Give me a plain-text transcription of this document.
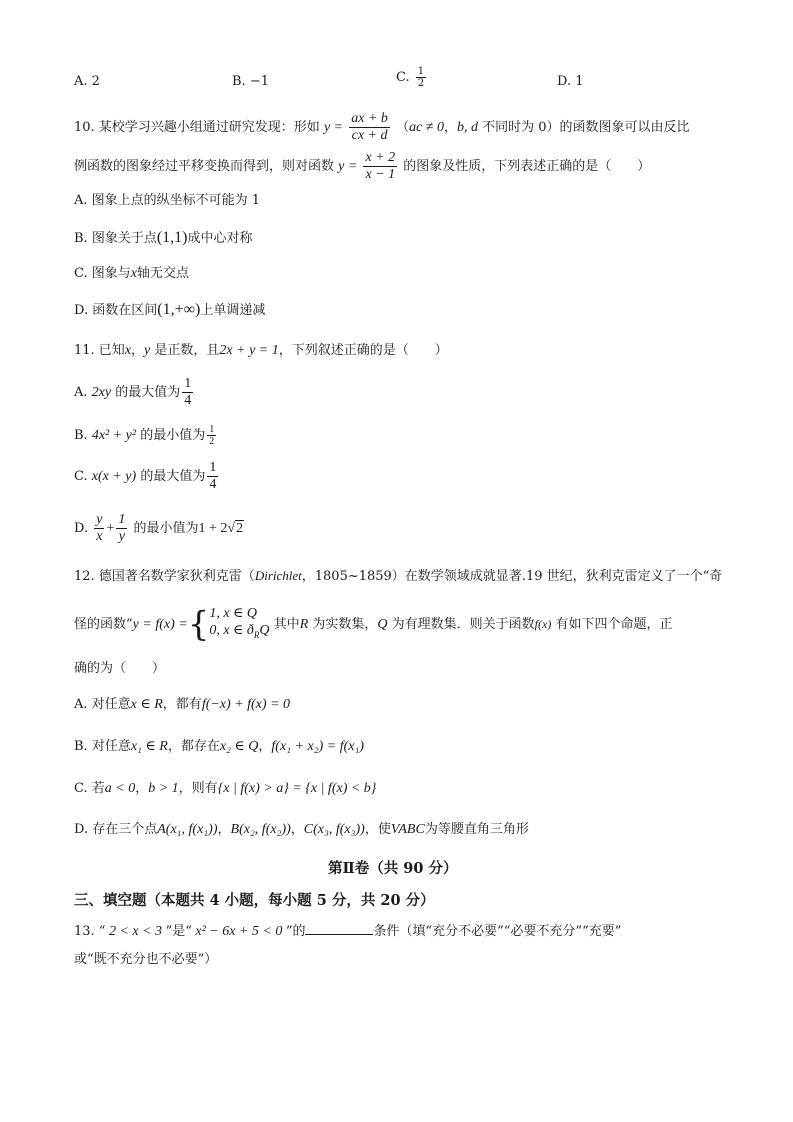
A. 2	B. −1	C. $\frac{1}{2}$	D. 1
10. 某校学习兴趣小组通过研究发现：形如 $y = \frac{ax + b}{cx + d} (ac \ne 0$，b, d 不同时为 0）的函数图象可以由反比
例函数的图象经过平移变换而得到，则对函数 $y = \frac{x + 2}{x - 1}$ 的图象及性质，下列表述正确的是（　　）
A. 图象上点的纵坐标不可能为 1
B. 图象关于点(1,1)成中心对称
C. 图象与x轴无交点
D. 函数在区间(1,+∞)上单调递减
11. 已知x，y 是正数，且2x + y = 1，下列叙述正确的是（　　）
A. 2xy 的最大值为 $\frac{1}{4}$
B. 4x² + y² 的最小值为 $\frac{1}{2}$
C. x(x + y) 的最大值为 $\frac{1}{4}$
D. $\frac{y}{x} + \frac{1}{y}$ 的最小值为1 + 2√2
12. 德国著名数学家狄利克雷（Dirichlet，1805~1859）在数学领域成就显著.19 世纪，狄利克雷定义了一个“奇
怪的函数”y = f(x) ={ 1, x ∈ Q
0, x ∈ $ð_RQ$ 其中R 为实数集，Q 为有理数集．则关于函数f(x) 有如下四个命题，正
确的为（　　）
A. 对任意x ∈ R，都有f(−x) + f(x) = 0
B. 对任意x₁ ∈ R，都存在x₂ ∈ Q，f(x₁ + x₂) = f(x₁)
C. 若a < 0，b > 1，则有{x | f(x) > a} = {x | f(x) < b}
D. 存在三个点A(x₁, f(x₁))，B(x₂, f(x₂))，C(x₃, f(x₃))，使VABC为等腰直角三角形
第Ⅱ卷（共 90 分）
三、填空题（本题共 4 小题，每小题 5 分，共 20 分）
13. “ 2 < x < 3 ”是“ x² − 6x + 5 < 0 ”的	条件（填“充分不必要”“必要不充分”“充要”
或“既不充分也不必要”）
